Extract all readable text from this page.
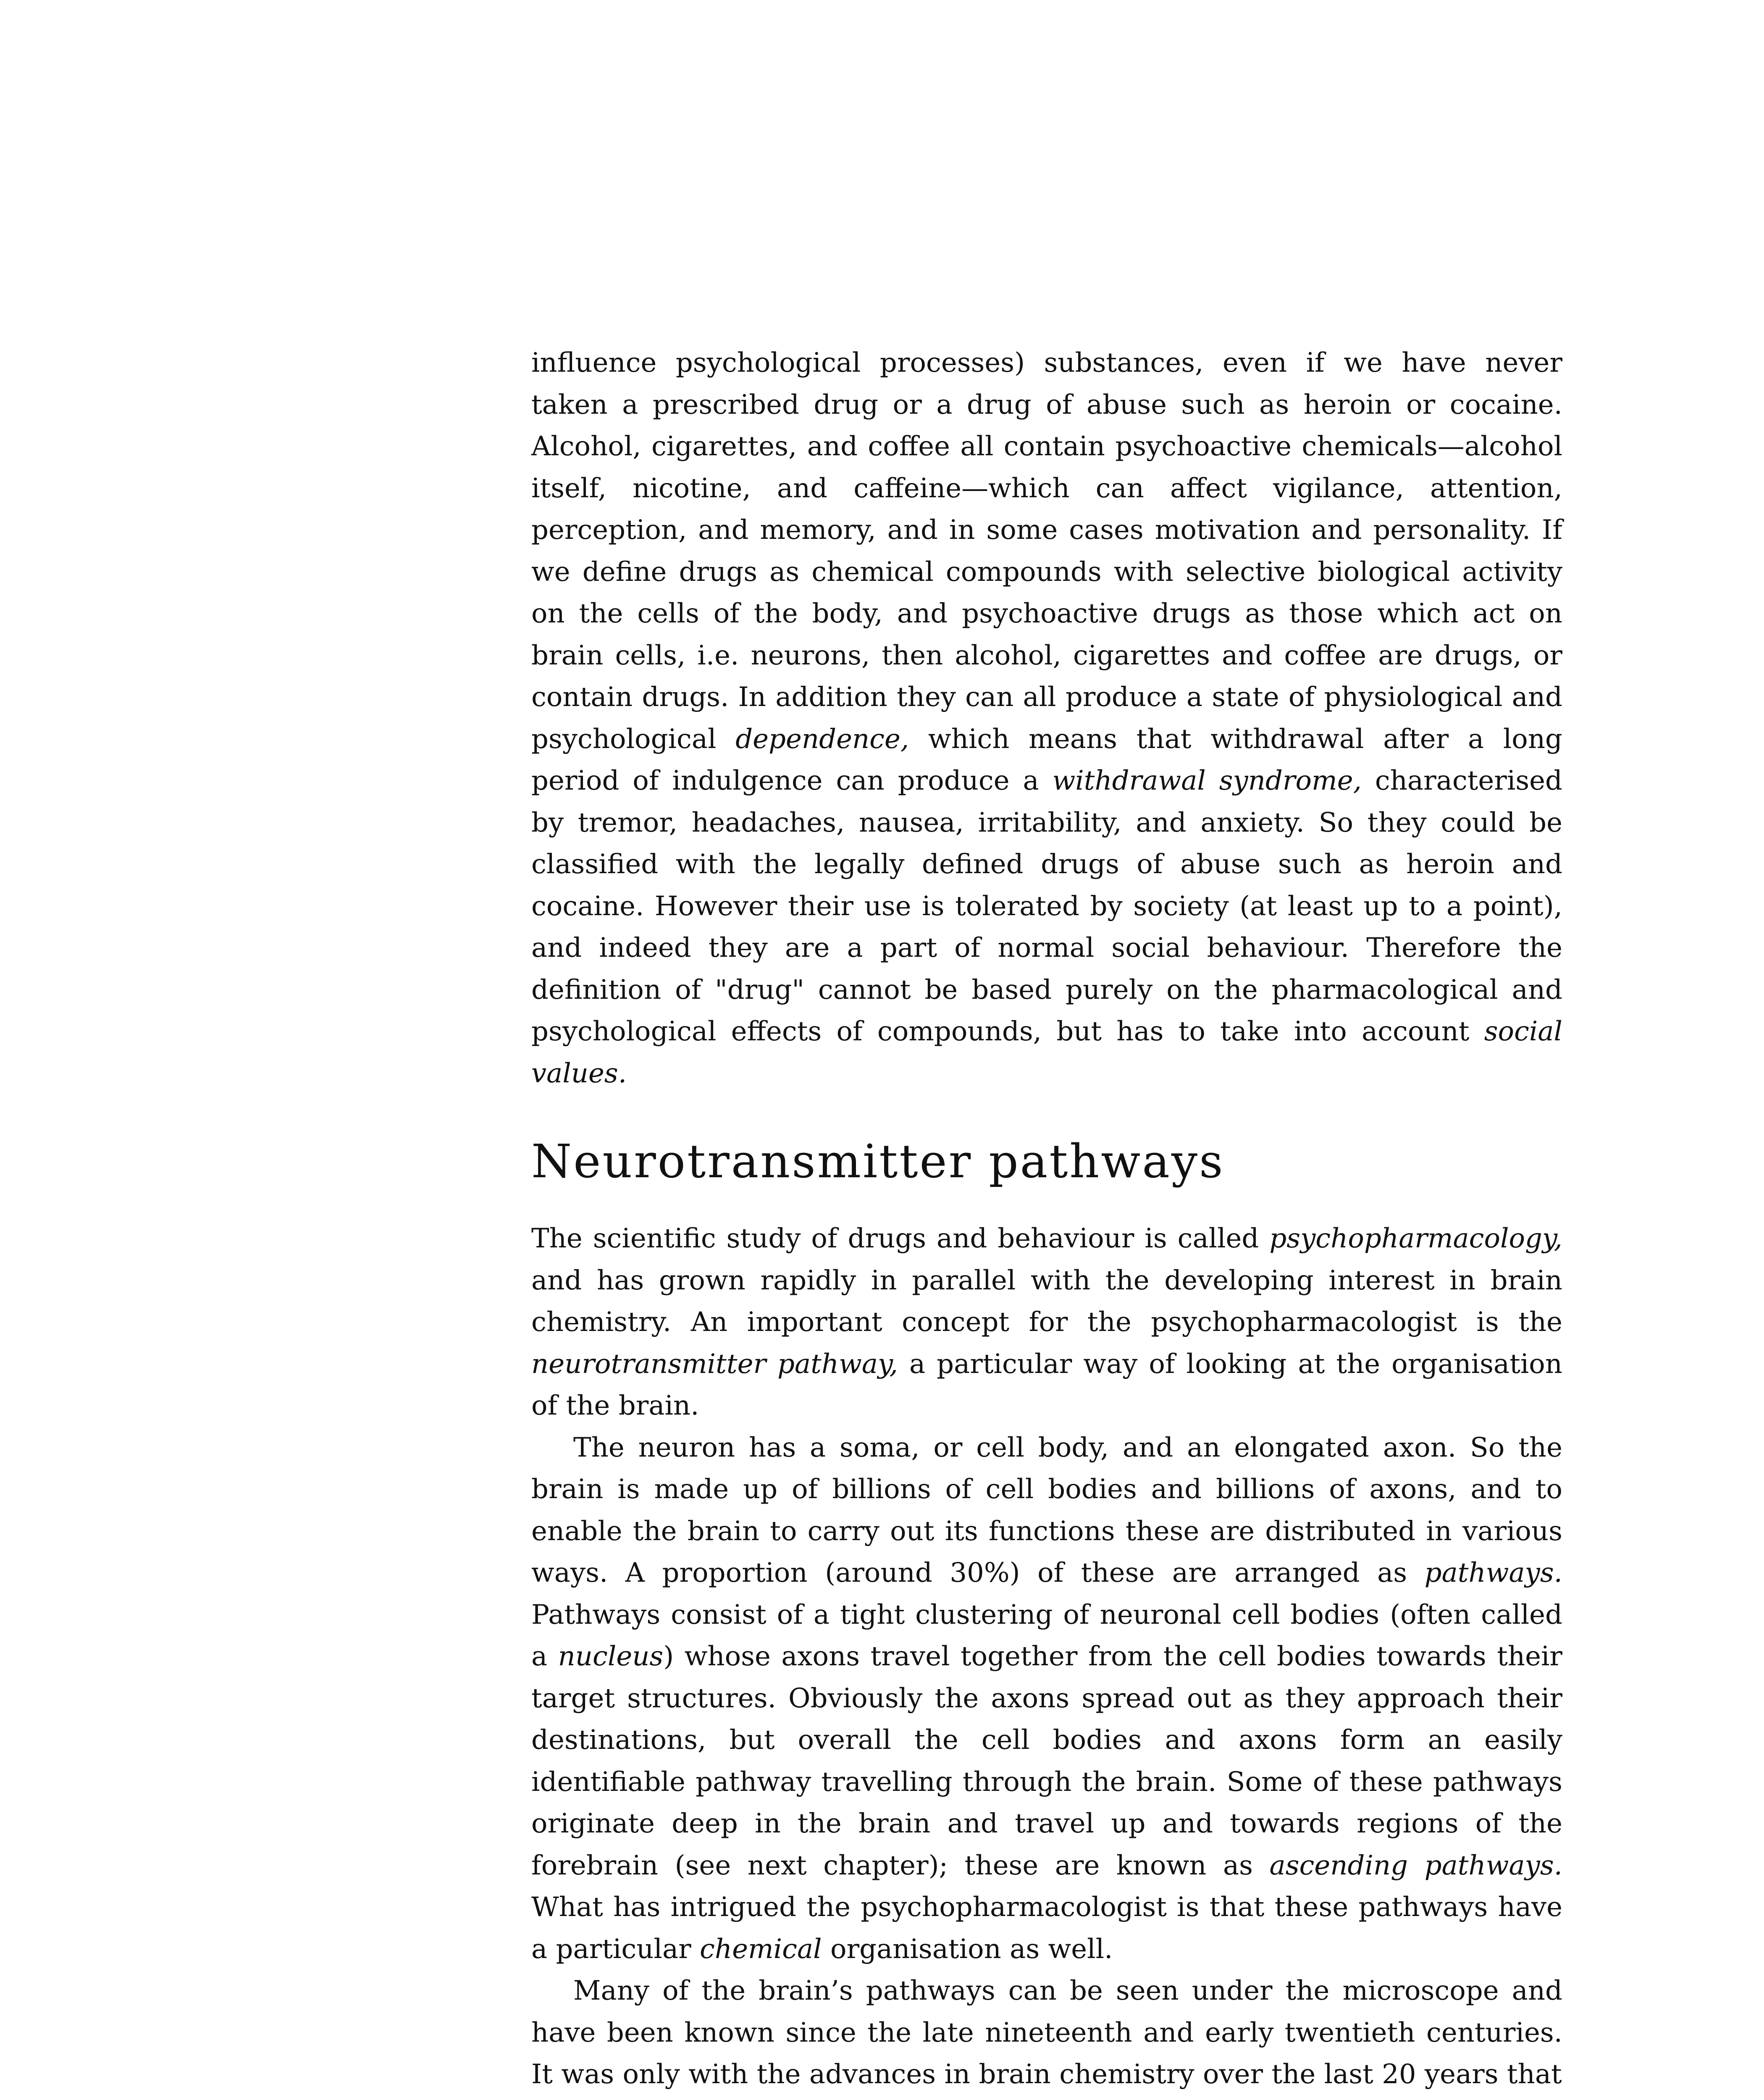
influence psychological processes) substances, even if we have never taken a prescribed drug or a drug of abuse such as heroin or cocaine. Alcohol, cigarettes, and coffee all contain psychoactive chemicals—alcohol itself, nicotine, and caffeine—which can affect vigilance, attention, perception, and memory, and in some cases motivation and personality. If we define drugs as chemical compounds with selective biological activity on the cells of the body, and psychoactive drugs as those which act on brain cells, i.e. neurons, then alcohol, cigarettes and coffee are drugs, or contain drugs. In addition they can all produce a state of physiological and psychological dependence, which means that withdrawal after a long period of indulgence can produce a withdrawal syndrome, characterised by tremor, headaches, nausea, irritability, and anxiety. So they could be classified with the legally defined drugs of abuse such as heroin and cocaine. However their use is tolerated by society (at least up to a point), and indeed they are a part of normal social behaviour. Therefore the definition of "drug" cannot be based purely on the pharmacological and psychological effects of compounds, but has to take into account social values.

Neurotransmitter pathways

The scientific study of drugs and behaviour is called psychopharmacology, and has grown rapidly in parallel with the developing interest in brain chemistry. An important concept for the psychopharmacologist is the neurotransmitter pathway, a particular way of looking at the organisation of the brain.

The neuron has a soma, or cell body, and an elongated axon. So the brain is made up of billions of cell bodies and billions of axons, and to enable the brain to carry out its functions these are distributed in various ways. A proportion (around 30%) of these are arranged as pathways. Pathways consist of a tight clustering of neuronal cell bodies (often called a nucleus) whose axons travel together from the cell bodies towards their target structures. Obviously the axons spread out as they approach their destinations, but overall the cell bodies and axons form an easily identifiable pathway travelling through the brain. Some of these pathways originate deep in the brain and travel up and towards regions of the forebrain (see next chapter); these are known as ascending pathways. What has intrigued the psychopharmacologist is that these pathways have a particular chemical organisation as well.

Many of the brain’s pathways can be seen under the microscope and have been known since the late nineteenth and early twentieth centuries. It was only with the advances in brain chemistry over the last 20 years that
